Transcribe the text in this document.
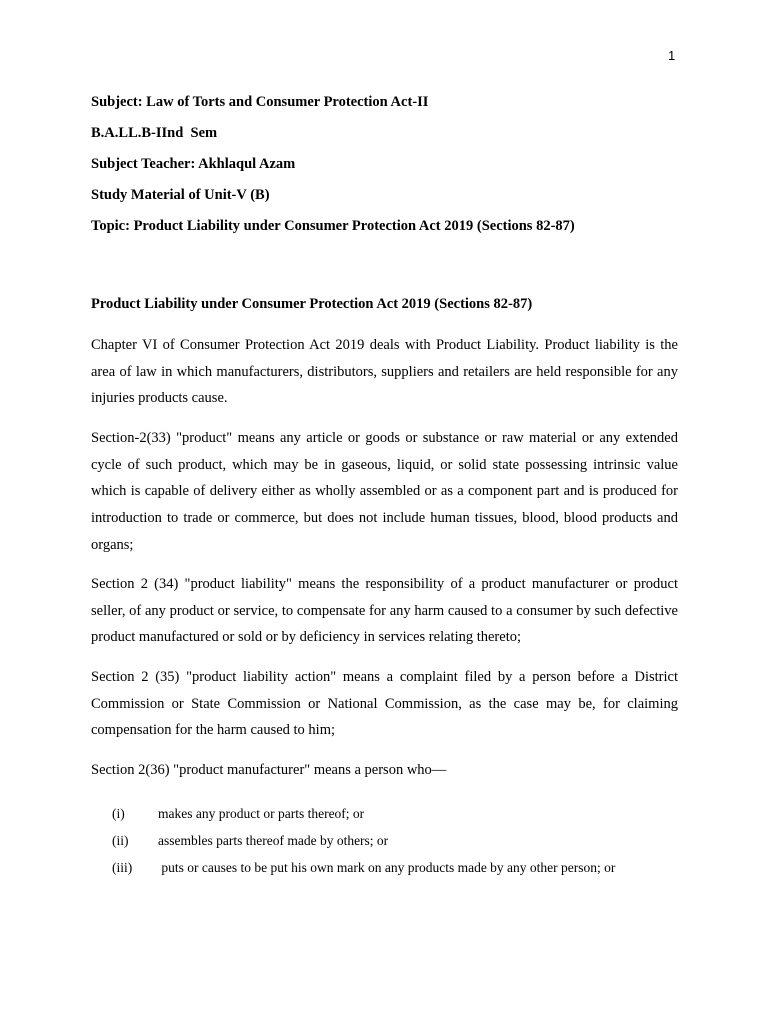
1
Subject: Law of Torts and Consumer Protection Act-II
B.A.LL.B-IInd  Sem
Subject Teacher: Akhlaqul Azam
Study Material of Unit-V (B)
Topic: Product Liability under Consumer Protection Act 2019 (Sections 82-87)
Product Liability under Consumer Protection Act 2019 (Sections 82-87)

Chapter VI of Consumer Protection Act 2019 deals with Product Liability. Product liability is the area of law in which manufacturers, distributors, suppliers and retailers are held responsible for any injuries products cause.

Section-2(33) "product" means any article or goods or substance or raw material or any extended cycle of such product, which may be in gaseous, liquid, or solid state possessing intrinsic value which is capable of delivery either as wholly assembled or as a component part and is produced for introduction to trade or commerce, but does not include human tissues, blood, blood products and organs;

Section 2 (34) "product liability" means the responsibility of a product manufacturer or product seller, of any product or service, to compensate for any harm caused to a consumer by such defective product manufactured or sold or by deficiency in services relating thereto;

Section 2 (35) "product liability action" means a complaint filed by a person before a District Commission or State Commission or National Commission, as the case may be, for claiming compensation for the harm caused to him;

Section 2(36) "product manufacturer" means a person who—

(i)	makes any product or parts thereof; or
(ii)	assembles parts thereof made by others; or
(iii)	puts or causes to be put his own mark on any products made by any other person; or
